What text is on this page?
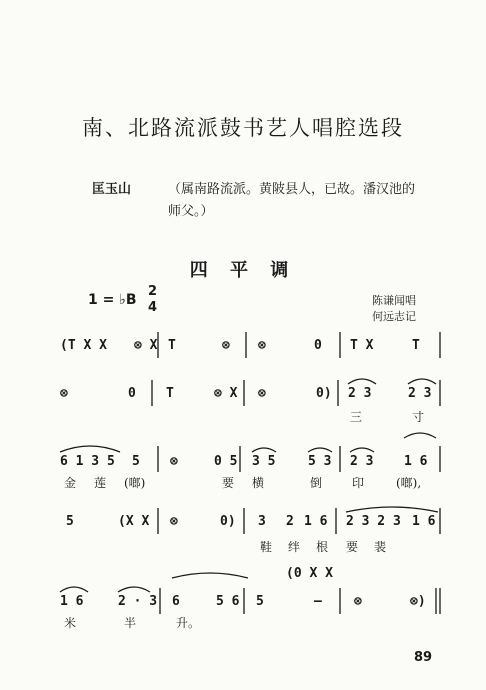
南、北路流派鼓书艺人唱腔选段
匡玉山	（属南路流派。黄陂县人，已故。潘汉池的
师父。）
四 平 调
1 = ♭B
2
4	陈谦闻唱
何远志记
(T X X ⊗ X T	⊗ ⊗	0 T X	T
⊗	0 T	⊗ X ⊗	0) 2 3	2 3
三	寸
6 1 3 5 5 ⊗	0 5 3 5	5 3 2 3 1 6
金 莲 (啷)	要 横	倒 印	(啷),
5	(X X ⊗	0) 3 2 1 6 2 3 2 3 1 6
鞋 绊 根 要 裴
(0 X X
1 6	2 · 3 6	5 6 5	— ⊗	⊗)
米	半	升。
89
